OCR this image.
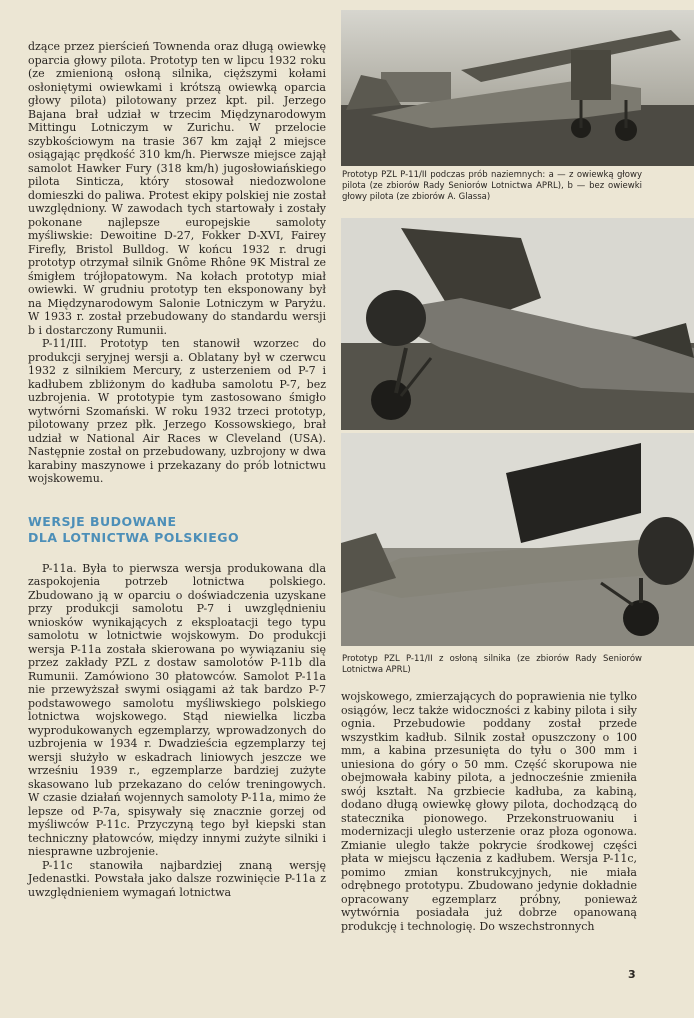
dzące przez pierścień Townenda oraz długą owiewkę oparcia głowy pilota. Prototyp ten w lipcu 1932 roku (ze zmienioną osłoną silnika, cięższymi kołami osłoniętymi owiewkami i krótszą owiewką oparcia głowy pilota) pilotowany przez kpt. pil. Jerzego Bajana brał udział w trzecim Międzynarodowym Mittingu Lotniczym w Zurichu. W przelocie szybkościowym na trasie 367 km zajął 2 miejsce osiągając prędkość 310 km/h. Pierwsze miejsce zajął samolot Hawker Fury (318 km/h) jugosłowiańskiego pilota Sinticza, który stosował niedozwolone domieszki do paliwa. Protest ekipy polskiej nie został uwzględniony. W zawodach tych startowały i zostały pokonane najlepsze europejskie samoloty myśliwskie: Dewoitine D-27, Fokker D-XVI, Fairey Firefly, Bristol Bulldog. W końcu 1932 r. drugi prototyp otrzymał silnik Gnôme Rhône 9K Mistral ze śmigłem trójłopatowym. Na kołach prototyp miał owiewki. W grudniu prototyp ten eksponowany był na Międzynarodowym Salonie Lotniczym w Paryżu. W 1933 r. został przebudowany do standardu wersji b i dostarczony Rumunii.

P-11/III. Prototyp ten stanowił wzorzec do produkcji seryjnej wersji a. Oblatany był w czerwcu 1932 z silnikiem Mercury, z usterzeniem od P-7 i kadłubem zbliżonym do kadłuba samolotu P-7, bez uzbrojenia. W prototypie tym zastosowano śmigło wytwórni Szomański. W roku 1932 trzeci prototyp, pilotowany przez płk. Jerzego Kossowskiego, brał udział w National Air Races w Cleveland (USA). Następnie został on przebudowany, uzbrojony w dwa karabiny maszynowe i przekazany do prób lotnictwu wojskowemu.

WERSJE BUDOWANE
DLA LOTNICTWA POLSKIEGO

P-11a. Była to pierwsza wersja produkowana dla zaspokojenia potrzeb lotnictwa polskiego. Zbudowano ją w oparciu o doświadczenia uzyskane przy produkcji samolotu P-7 i uwzględnieniu wniosków wynikających z eksploatacji tego typu samolotu w lotnictwie wojskowym. Do produkcji wersja P-11a została skierowana po wywiązaniu się przez zakłady PZL z dostaw samolotów P-11b dla Rumunii. Zamówiono 30 płatowców. Samolot P-11a nie przewyższał swymi osiągami aż tak bardzo P-7 podstawowego samolotu myśliwskiego polskiego lotnictwa wojskowego. Stąd niewielka liczba wyprodukowanych egzemplarzy, wprowadzonych do uzbrojenia w 1934 r. Dwadzieścia egzemplarzy tej wersji służyło w eskadrach liniowych jeszcze we wrześniu 1939 r., egzemplarze bardziej zużyte skasowano lub przekazano do celów treningowych. W czasie działań wojennych samoloty P-11a, mimo że lepsze od P-7a, spisywały się znacznie gorzej od myśliwców P-11c. Przyczyną tego był kiepski stan techniczny płatowców, między innymi zużyte silniki i niesprawne uzbrojenie.

P-11c stanowiła najbardziej znaną wersję Jedenastki. Powstała jako dalsze rozwinięcie P-11a z uwzględnieniem wymagań lotnictwa

Prototyp PZL P-11/II podczas prób naziemnych: a — z owiewką głowy pilota (ze zbiorów Rady Seniorów Lotnictwa APRL), b — bez owiewki głowy pilota (ze zbiorów A. Glassa)
Prototyp PZL P-11/II z osłoną silnika (ze zbiorów Rady Seniorów Lotnictwa APRL)

wojskowego, zmierzających do poprawienia nie tylko osiągów, lecz także widoczności z kabiny pilota i siły ognia. Przebudowie poddany został przede wszystkim kadłub. Silnik został opuszczony o 100 mm, a kabina przesunięta do tyłu o 300 mm i uniesiona do góry o 50 mm. Część skorupowa nie obejmowała kabiny pilota, a jednocześnie zmieniła swój kształt. Na grzbiecie kadłuba, za kabiną, dodano długą owiewkę głowy pilota, dochodzącą do statecznika pionowego. Przekonstruowaniu i modernizacji uległo usterzenie oraz płoza ogonowa. Zmianie uległo także pokrycie środkowej części płata w miejscu łączenia z kadłubem. Wersja P-11c, pomimo zmian konstrukcyjnych, nie miała odrębnego prototypu. Zbudowano jedynie dokładnie opracowany egzemplarz próbny, ponieważ wytwórnia posiadała już dobrze opanowaną produkcję i technologię. Do wszechstronnych

3
